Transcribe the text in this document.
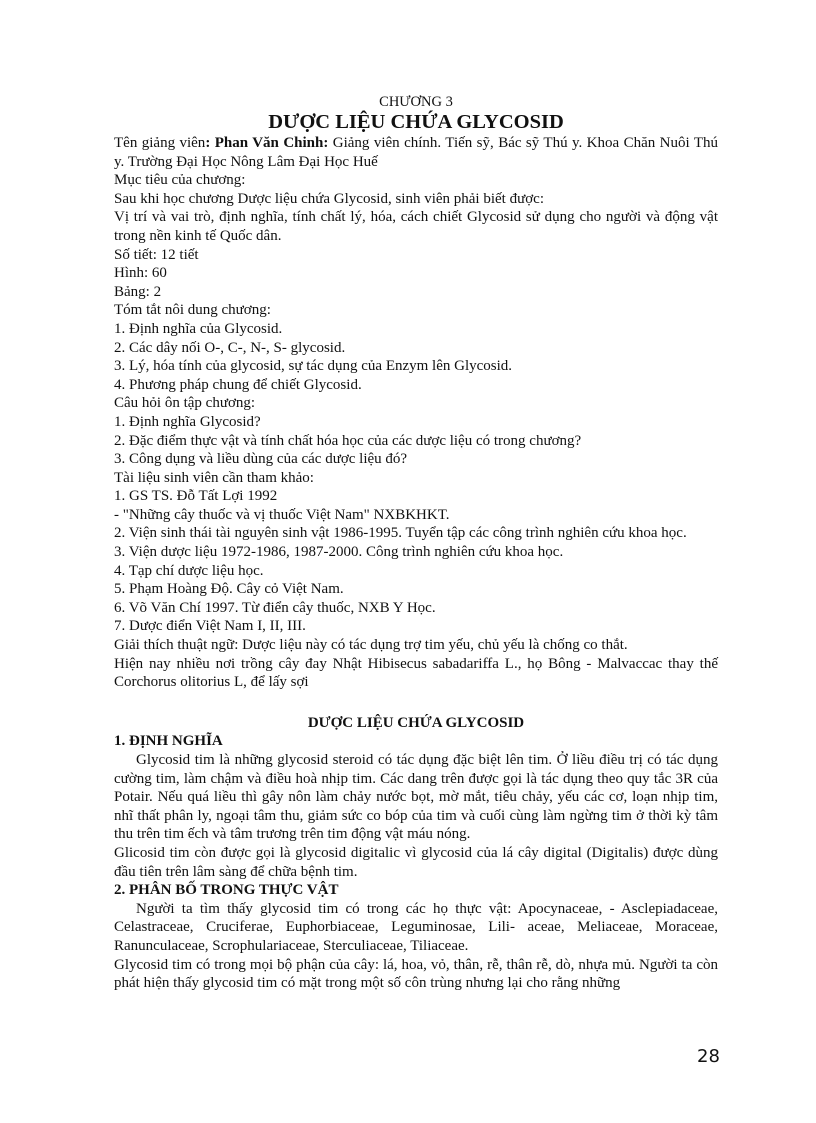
CHƯƠNG 3
DƯỢC LIỆU CHỨA GLYCOSID

Tên giảng viên: Phan Văn Chinh: Giảng viên chính. Tiến sỹ, Bác sỹ Thú y. Khoa Chăn Nuôi Thú y. Trường Đại Học Nông Lâm Đại Học Huế

Mục tiêu của chương:

Sau khi học chương Dược liệu chứa Glycosid, sinh viên phải biết được:

Vị trí và vai trò, định nghĩa, tính chất lý, hóa, cách chiết Glycosid sử dụng cho người và động vật trong nền kinh tế Quốc dân.

Số tiết: 12 tiết

Hình: 60

Bảng: 2

Tóm tắt nôi dung chương:

1. Định nghĩa của Glycosid.

2. Các dây nối O-, C-, N-, S- glycosid.

3. Lý, hóa tính của glycosid, sự tác dụng của Enzym lên Glycosid.

4. Phương pháp chung để chiết Glycosid.

Câu hỏi ôn tập chương:

1. Định nghĩa Glycosid?

2. Đặc điểm thực vật và tính chất hóa học của các dược liệu có trong chương?

3. Công dụng và liều dùng của các dược liệu đó?

Tài liệu sinh viên cần tham khảo:

1. GS TS. Đỗ Tất Lợi 1992

- "Những cây thuốc và vị thuốc Việt Nam" NXBKHKT.

2. Viện sinh thái tài nguyên sinh vật 1986-1995. Tuyển tập các công trình nghiên cứu khoa học.

3. Viện dược liệu 1972-1986, 1987-2000. Công trình nghiên cứu khoa học.

4. Tạp chí dược liệu học.

5. Phạm Hoàng Độ. Cây cỏ Việt Nam.

6. Võ Văn Chí 1997. Từ điển cây thuốc, NXB Y Học.

7. Dược điển Việt Nam I, II, III.

Giải thích thuật ngữ: Dược liệu này có tác dụng trợ tim yếu, chủ yếu là chống co thắt.

Hiện nay nhiều nơi trồng cây đay Nhật Hibisecus sabadariffa L., họ Bông - Malvaccac thay thế Corchorus olitorius L, để lấy sợi

DƯỢC LIỆU CHỨA GLYCOSID

1. ĐỊNH NGHĨA

Glycosid tim là những glycosid steroid có tác dụng đặc biệt lên tim. Ở liều điều trị có tác dụng cường tim, làm chậm và điều hoà nhịp tim. Các dang trên được gọi là tác dụng theo quy tắc 3R của Potair. Nếu quá liều thì gây nôn làm chảy nước bọt, mờ mắt, tiêu chảy, yếu các cơ, loạn nhịp tim, nhĩ thất phân ly, ngoại tâm thu, giảm sức co bóp của tim và cuối cùng làm ngừng tim ở thời kỳ tâm thu trên tim ếch và tâm trương trên tim động vật máu nóng.

Glicosid tim còn được gọi là glycosid digitalic vì glycosid của lá cây digital (Digitalis) được dùng đầu tiên trên lâm sàng để chữa bệnh tim.

2. PHÂN BỐ TRONG THỰC VẬT

Người ta tìm thấy glycosid tim có trong các họ thực vật: Apocynaceae, - Asclepiadaceae, Celastraceae, Cruciferae, Euphorbiaceae, Leguminosae, Lili- aceae, Meliaceae, Moraceae, Ranunculaceae, Scrophulariaceae, Sterculiaceae, Tiliaceae.

Glycosid tim có trong mọi bộ phận của cây: lá, hoa, vỏ, thân, rễ, thân rễ, dò, nhựa mủ. Người ta còn phát hiện thấy glycosid tim có mặt trong một số côn trùng nhưng lại cho rằng những

28
